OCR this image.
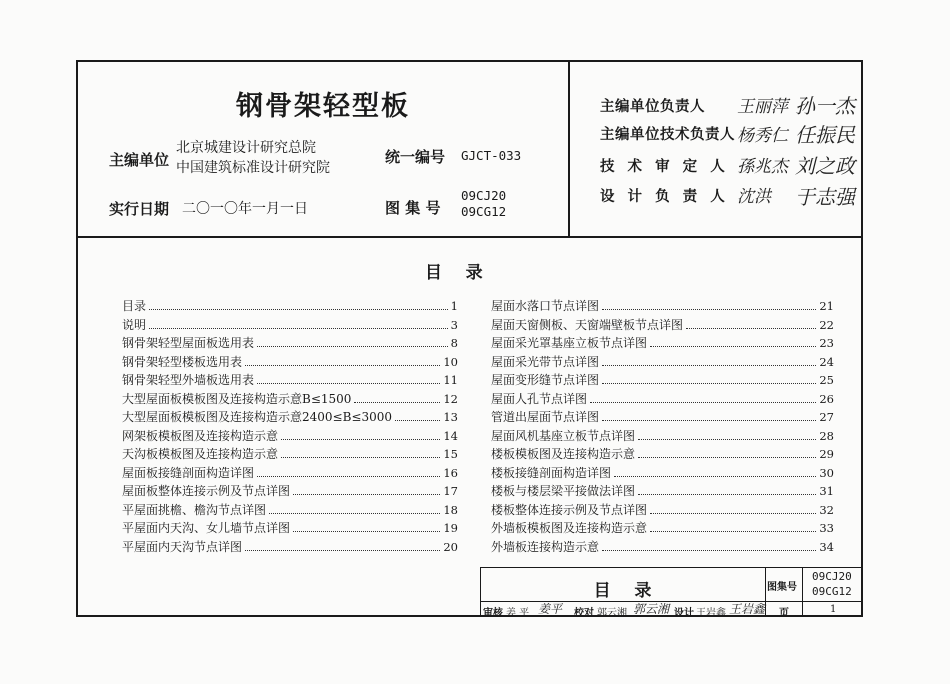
钢骨架轻型板
主编单位
北京城建设计研究总院
中国建筑标准设计研究院
统一编号 GJCT-033
实行日期 二〇一〇年一月一日	图 集 号
09CJ20
09CG12
主编单位负责人 王丽萍 孙一杰
主编单位技术负责人 杨秀仁 任振民
技 术 审 定 人 孫兆杰 刘之政
设 计 负 责 人 沈洪 于志强
目    录
目录	1
说明	3
钢骨架轻型屋面板选用表	8
钢骨架轻型楼板选用表	10
钢骨架轻型外墙板选用表	11
大型屋面板模板图及连接构造示意B≤1500	12
大型屋面板模板图及连接构造示意2400≤B≤3000	13
网架板模板图及连接构造示意	14
天沟板模板图及连接构造示意	15
屋面板接缝剖面构造详图	16
屋面板整体连接示例及节点详图	17
平屋面挑檐、檐沟节点详图	18
平屋面内天沟、女儿墙节点详图	19
平屋面内天沟节点详图	20
屋面水落口节点详图	21
屋面天窗侧板、天窗端壁板节点详图	22
屋面采光罩基座立板节点详图	23
屋面采光带节点详图	24
屋面变形缝节点详图	25
屋面人孔节点详图	26
管道出屋面节点详图	27
屋面风机基座立板节点详图	28
楼板模板图及连接构造示意	29
楼板接缝剖面构造详图	30
楼板与楼层梁平接做法详图	31
楼板整体连接示例及节点详图	32
外墙板模板图及连接构造示意	33
外墙板连接构造示意	34
目    录	图集号
09CJ20
09CG12
审核 姜 平 姜平 校对 郭云湘 郭云湘 设计 王岩鑫 王岩鑫 页	1
